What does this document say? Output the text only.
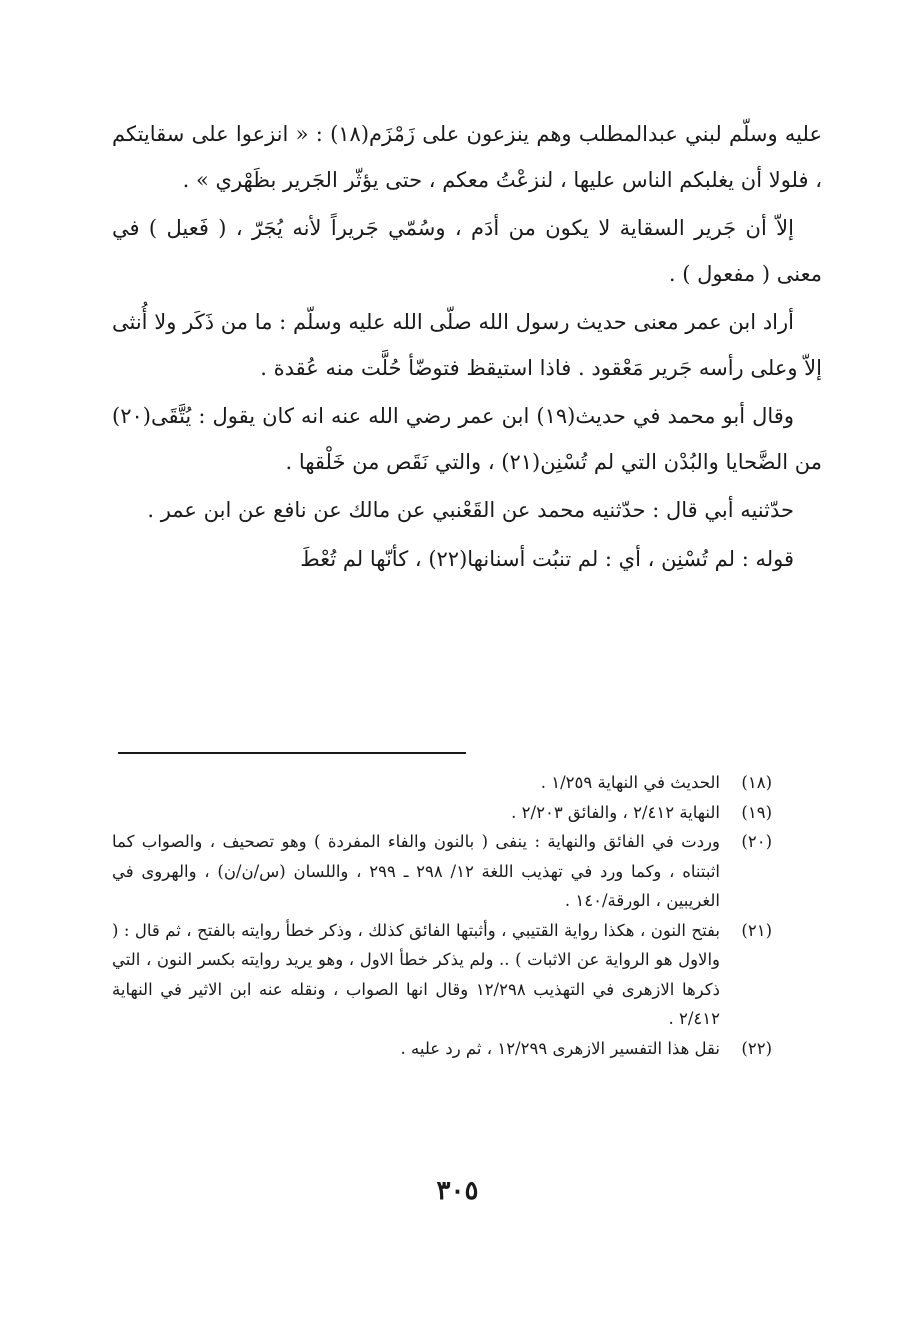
عليه وسلّم لبني عبدالمطلب وهم ينزعون على زَمْزَم(١٨) : « انزعوا على سقايتكم ، فلولا أن يغلبكم الناس عليها ، لنزعْتُ معكم ، حتى يؤثّر الجَرير بظَهْري » .

إلاّ أن جَرير السقاية لا يكون من أدَم ، وسُمّي جَريراً لأنه يُجَرّ ، ( فَعيل ) في معنى ( مفعول ) .

أراد ابن عمر معنى حديث رسول الله صلّى الله عليه وسلّم : ما من ذَكَر ولا أُنثى إلاّ وعلى رأسه جَرير مَعْقود . فاذا استيقظ فتوضّأ حُلَّت منه عُقدة .

وقال أبو محمد في حديث(١٩) ابن عمر رضي الله عنه انه كان يقول : يُتَّقَى(٢٠) من الضَّحايا والبُدْن التي لم تُسْنِن(٢١) ، والتي نَقَص من خَلْقها .

حدّثنيه أبي قال : حدّثنيه محمد عن القَعْنبي عن مالك عن نافع عن ابن عمر .

قوله : لم تُسْنِن ، أي : لم تنبُت أسنانها(٢٢) ، كأنّها لم تُعْطَ

(١٨)
الحديث في النهاية ١/٢٥٩ .
(١٩)
النهاية ٢/٤١٢ ، والفائق ٢/٢٠٣ .
(٢٠)
وردت في الفائق والنهاية : ينفى ( بالنون والفاء المفردة ) وهو تصحيف ، والصواب كما اثبتناه ، وكما ورد في تهذيب اللغة ١٢/ ٢٩٨ ـ ٢٩٩ ، واللسان (س/ن/ن) ، والهروى في الغريبين ، الورقة/١٤٠ .
(٢١)
بفتح النون ، هكذا رواية القتيبي ، وأثبتها الفائق كذلك ، وذكر خطأ روايته بالفتح ، ثم قال : ( والاول هو الرواية عن الاثبات ) .. ولم يذكر خطأ الاول ، وهو يريد روايته بكسر النون ، التي ذكرها الازهرى في التهذيب ١٢/٢٩٨ وقال انها الصواب ، ونقله عنه ابن الاثير في النهاية ٢/٤١٢ .
(٢٢)
نقل هذا التفسير الازهرى ١٢/٢٩٩ ، ثم رد عليه .
٣٠٥
